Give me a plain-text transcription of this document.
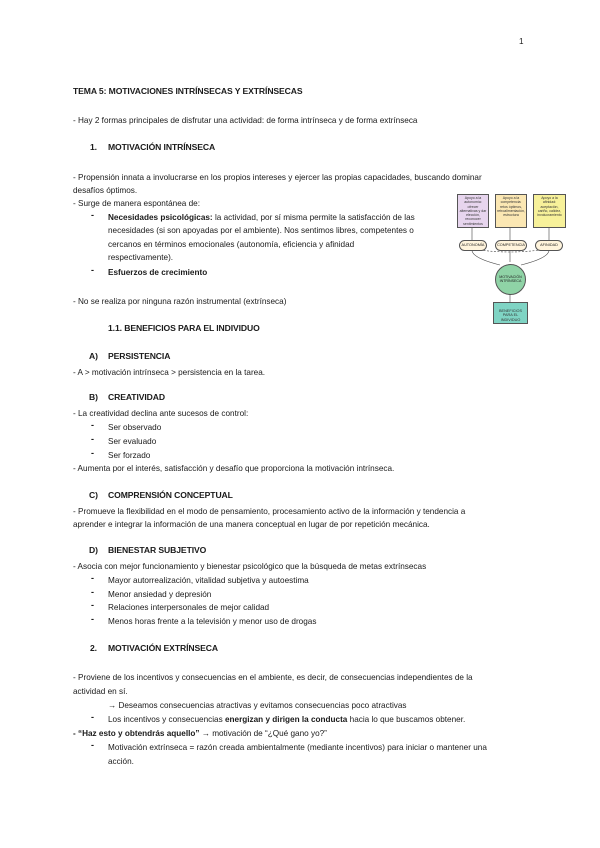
1
TEMA 5: MOTIVACIONES INTRÍNSECAS Y EXTRÍNSECAS
- Hay 2 formas principales de disfrutar una actividad: de forma intrínseca y de forma extrínseca
1. MOTIVACIÓN INTRÍNSECA
- Propensión innata a involucrarse en los propios intereses y ejercer las propias capacidades, buscando dominar
desafíos óptimos.
- Surge de manera espontánea de:
- Necesidades psicológicas: la actividad, por sí misma permite la satisfacción de las
necesidades (si son apoyadas por el ambiente). Nos sentimos libres, competentes o
cercanos en términos emocionales (autonomía, eficiencia y afinidad
respectivamente).
- Esfuerzos de crecimiento
- No se realiza por ninguna razón instrumental (extrínseca)
1.1. BENEFICIOS PARA EL INDIVIDUO
Apoyo a la autonomía: ofrecer alternativas y dar elección, reconocer sentimientos
Apoyo a la competencia: retos óptimos, retroalimentación, estructura
Apoyo a la afinidad: aceptación, cariño, calidez, involucramiento
AUTONOMÍA	COMPETENCIA	AFINIDAD
MOTIVACIÓN INTRÍNSECA
BENEFICIOS PARA EL INDIVIDUO
A) PERSISTENCIA
- A > motivación intrínseca > persistencia en la tarea.
B) CREATIVIDAD
- La creatividad declina ante sucesos de control:
- Ser observado
- Ser evaluado
- Ser forzado
- Aumenta por el interés, satisfacción y desafío que proporciona la motivación intrínseca.
C) COMPRENSIÓN CONCEPTUAL
- Promueve la flexibilidad en el modo de pensamiento, procesamiento activo de la información y tendencia a
aprender e integrar la información de una manera conceptual en lugar de por repetición mecánica.
D) BIENESTAR SUBJETIVO
- Asocia con mejor funcionamiento y bienestar psicológico que la búsqueda de metas extrínsecas
- Mayor autorrealización, vitalidad subjetiva y autoestima
- Menor ansiedad y depresión
- Relaciones interpersonales de mejor calidad
- Menos horas frente a la televisión y menor uso de drogas
2. MOTIVACIÓN EXTRÍNSECA
- Proviene de los incentivos y consecuencias en el ambiente, es decir, de consecuencias independientes de la
actividad en sí.
→ Deseamos consecuencias atractivas y evitamos consecuencias poco atractivas
- Los incentivos y consecuencias energizan y dirigen la conducta hacia lo que buscamos obtener.
- “Haz esto y obtendrás aquello” → motivación de “¿Qué gano yo?”
- Motivación extrínseca = razón creada ambientalmente (mediante incentivos) para iniciar o mantener una
acción.
